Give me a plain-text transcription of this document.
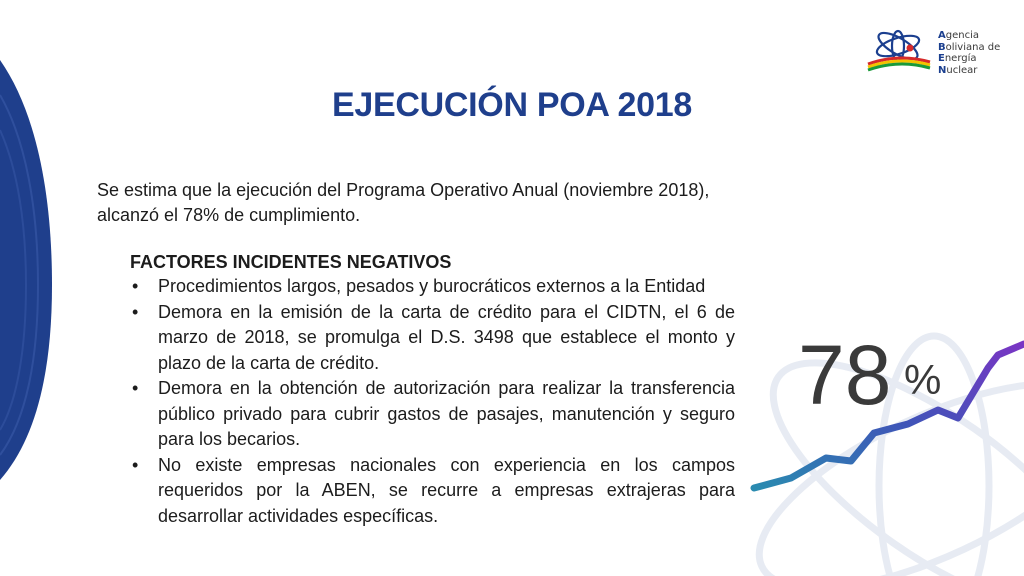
Agencia
Boliviana de
Energía
Nuclear
EJECUCIÓN POA 2018

Se estima que la ejecución del Programa Operativo Anual (noviembre 2018),
alcanzó el 78% de cumplimiento.

FACTORES INCIDENTES NEGATIVOS

• Procedimientos largos, pesados y burocráticos externos a la Entidad
• Demora en la emisión de la carta de crédito para el CIDTN, el 6 de marzo de 2018, se promulga el D.S. 3498 que establece el monto y plazo de la carta de crédito.
• Demora en la obtención de autorización para realizar la transferencia público privado para cubrir gastos de pasajes, manutención y seguro para los becarios.
• No existe empresas nacionales con experiencia en los campos requeridos por la ABEN, se recurre a empresas extrajeras para desarrollar actividades específicas.
78 %
